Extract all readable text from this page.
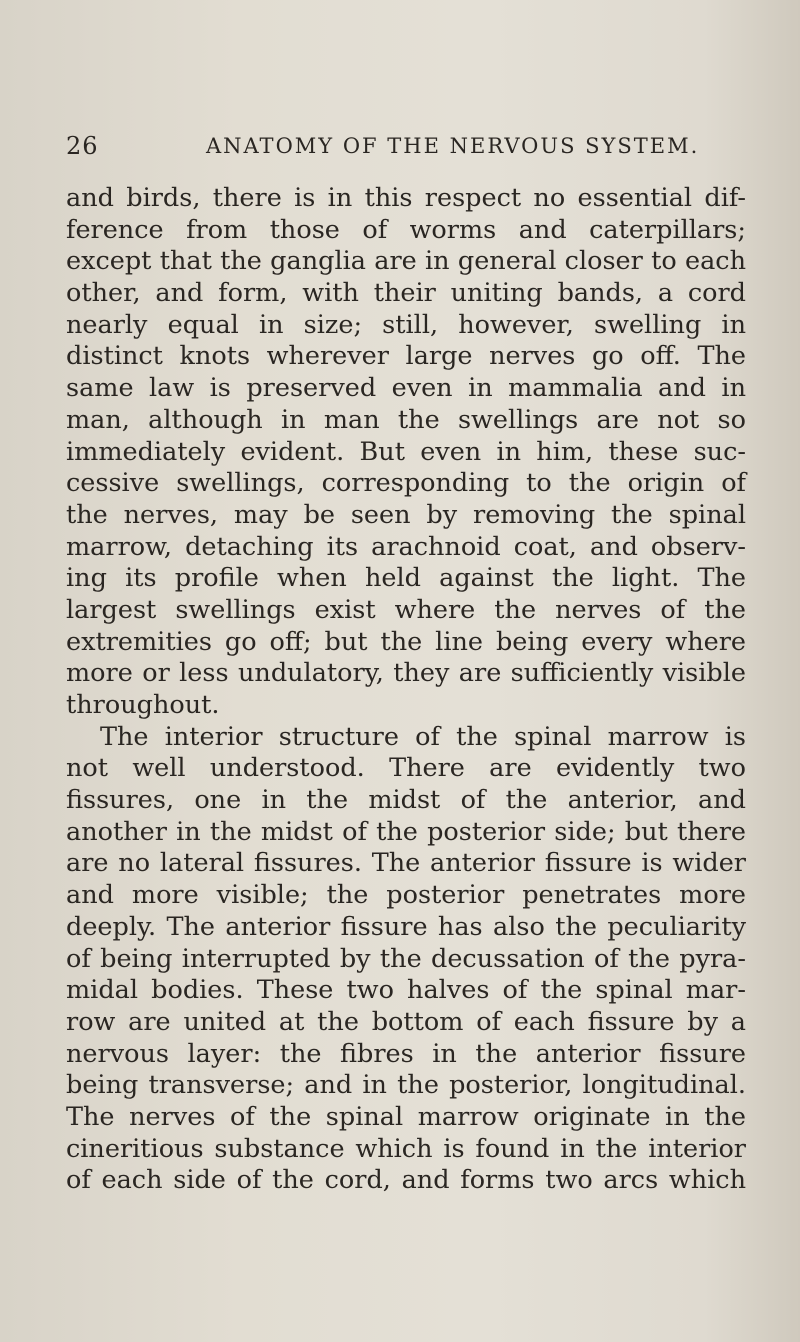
26	ANATOMY OF THE NERVOUS SYSTEM.
and birds, there is in this respect no essential dif-
ference from those of worms and caterpillars;
except that the ganglia are in general closer to each
other, and form, with their uniting bands, a cord
nearly equal in size; still, however, swelling in
distinct knots wherever large nerves go off. The
same law is preserved even in mammalia and in
man, although in man the swellings are not so
immediately evident. But even in him, these suc-
cessive swellings, corresponding to the origin of
the nerves, may be seen by removing the spinal
marrow, detaching its arachnoid coat, and observ-
ing its profile when held against the light. The
largest swellings exist where the nerves of the
extremities go off; but the line being every where
more or less undulatory, they are sufficiently visible
throughout.
The interior structure of the spinal marrow is
not well understood. There are evidently two
fissures, one in the midst of the anterior, and
another in the midst of the posterior side; but there
are no lateral fissures. The anterior fissure is wider
and more visible; the posterior penetrates more
deeply. The anterior fissure has also the peculiarity
of being interrupted by the decussation of the pyra-
midal bodies. These two halves of the spinal mar-
row are united at the bottom of each fissure by a
nervous layer: the fibres in the anterior fissure
being transverse; and in the posterior, longitudinal.
The nerves of the spinal marrow originate in the
cineritious substance which is found in the interior
of each side of the cord, and forms two arcs which
